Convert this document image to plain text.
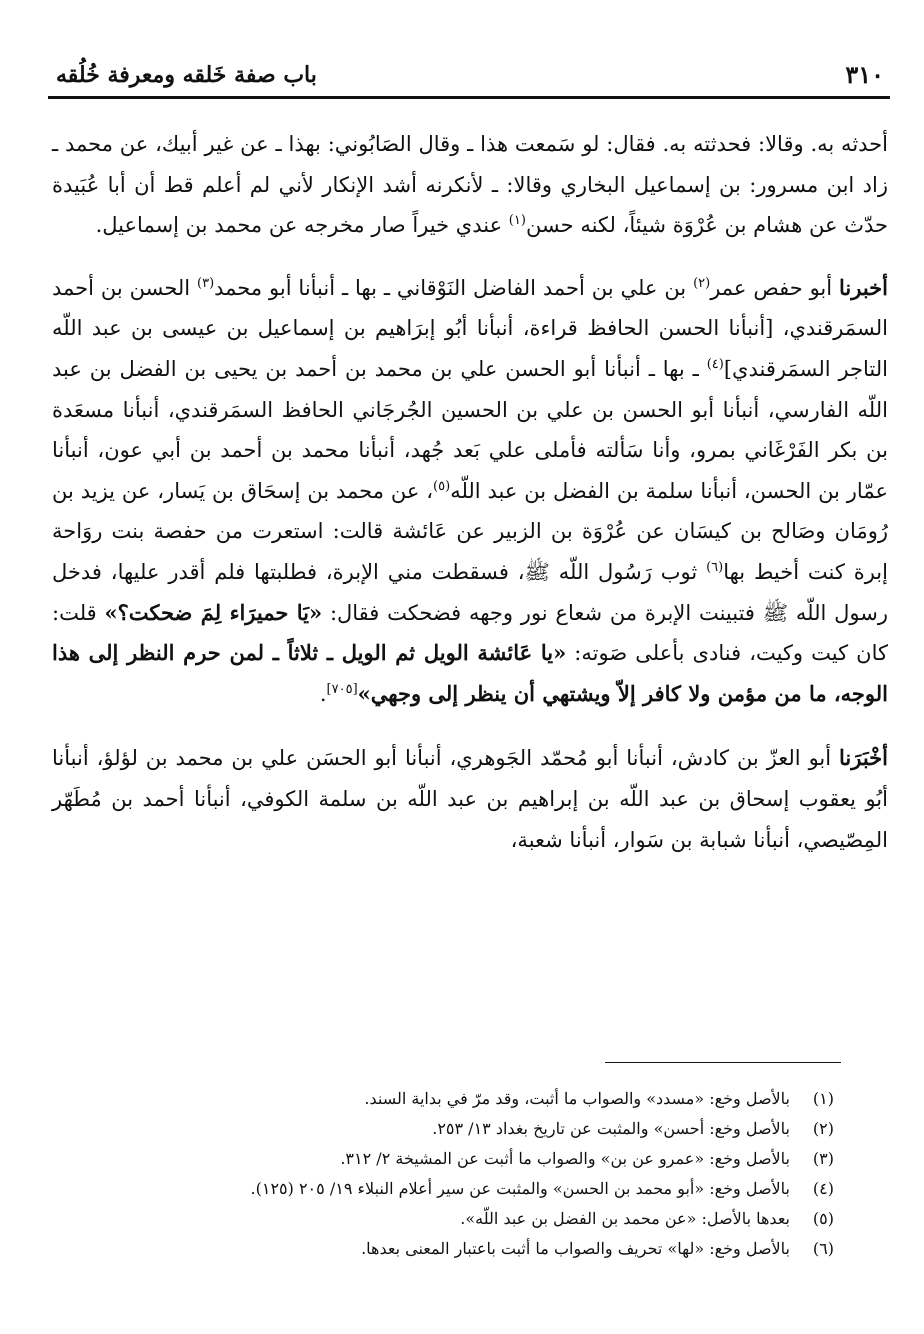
٣١٠
باب صفة خَلقه ومعرفة خُلُقه

أحدثه به. وقالا: فحدثته به. فقال: لو سَمعت هذا ـ وقال الصَابُوني: بهذا ـ عن غير أبيك، عن محمد ـ زاد ابن مسرور: بن إسماعيل البخاري وقالا: ـ لأنكرنه أشد الإنكار لأني لم أعلم قط أن أبا عُبَيدة حدّث عن هشام بن عُرْوَة شيئاً، لكنه حسن$^{(١)}$ عندي خيراً صار مخرجه عن محمد بن إسماعيل.

أخبرنا أبو حفص عمر$^{(٢)}$ بن علي بن أحمد الفاضل النَوْقاني ـ بها ـ أنبأنا أبو محمد$^{(٣)}$ الحسن بن أحمد السمَرقندي، [أنبأنا الحسن الحافظ قراءة، أنبأنا أبُو إبرَاهيم بن إسماعيل بن عيسى بن عبد اللّه التاجر السمَرقندي]$^{(٤)}$ ـ بها ـ أنبأنا أبو الحسن علي بن محمد بن أحمد بن يحيى بن الفضل بن عبد اللّه الفارسي، أنبأنا أبو الحسن بن علي بن الحسين الجُرجَاني الحافظ السمَرقندي، أنبأنا مسعَدة بن بكر الفَرْغَاني بمرو، وأنا سَألته فأملى علي بَعد جُهد، أنبأنا محمد بن أحمد بن أبي عون، أنبأنا عمّار بن الحسن، أنبأنا سلمة بن الفضل بن عبد اللّه$^{(٥)}$، عن محمد بن إسحَاق بن يَسار، عن يزيد بن رُومَان وصَالح بن كيسَان عن عُرْوَة بن الزبير عن عَائشة قالت: استعرت من حفصة بنت روَاحة إبرة كنت أخيط بها$^{(٦)}$ ثوب رَسُول اللّه ﷺ، فسقطت مني الإبرة، فطلبتها فلم أقدر عليها، فدخل رسول اللّه ﷺ فتبينت الإبرة من شعاع نور وجهه فضحكت فقال: «يَا حميرَاء لِمَ ضحكت؟» قلت: كان كيت وكيت، فنادى بأعلى صَوته: «يا عَائشة الويل ثم الويل ـ ثلاثاً ـ لمن حرم النظر إلى هذا الوجه، ما من مؤمن ولا كافر إلاّ ويشتهي أن ينظر إلى وجهي»[٧٠٥].

أخْبَرَنا أبو العزّ بن كادش، أنبأنا أبو مُحمّد الجَوهري، أنبأنا أبو الحسَن علي بن محمد بن لؤلؤ، أنبأنا أبُو يعقوب إسحاق بن عبد اللّه بن إبراهيم بن عبد اللّه بن سلمة الكوفي، أنبأنا أحمد بن مُطَهّر المِصّيصي، أنبأنا شبابة بن سَوار، أنبأنا شعبة،

(١)
بالأصل وخع: «مسدد» والصواب ما أثبت، وقد مرّ في بداية السند.
(٢)
بالأصل وخع: أحسن» والمثبت عن تاريخ بغداد ١٣/ ٢٥٣.
(٣)
بالأصل وخع: «عمرو عن بن» والصواب ما أثبت عن المشيخة ٢/ ٣١٢.
(٤)
بالأصل وخع: «أبو محمد بن الحسن» والمثبت عن سير أعلام النبلاء ١٩/ ٢٠٥ (١٢٥).
(٥)
بعدها بالأصل: «عن محمد بن الفضل بن عبد اللّه».
(٦)
بالأصل وخع: «لها» تحريف والصواب ما أثبت باعتبار المعنى بعدها.
